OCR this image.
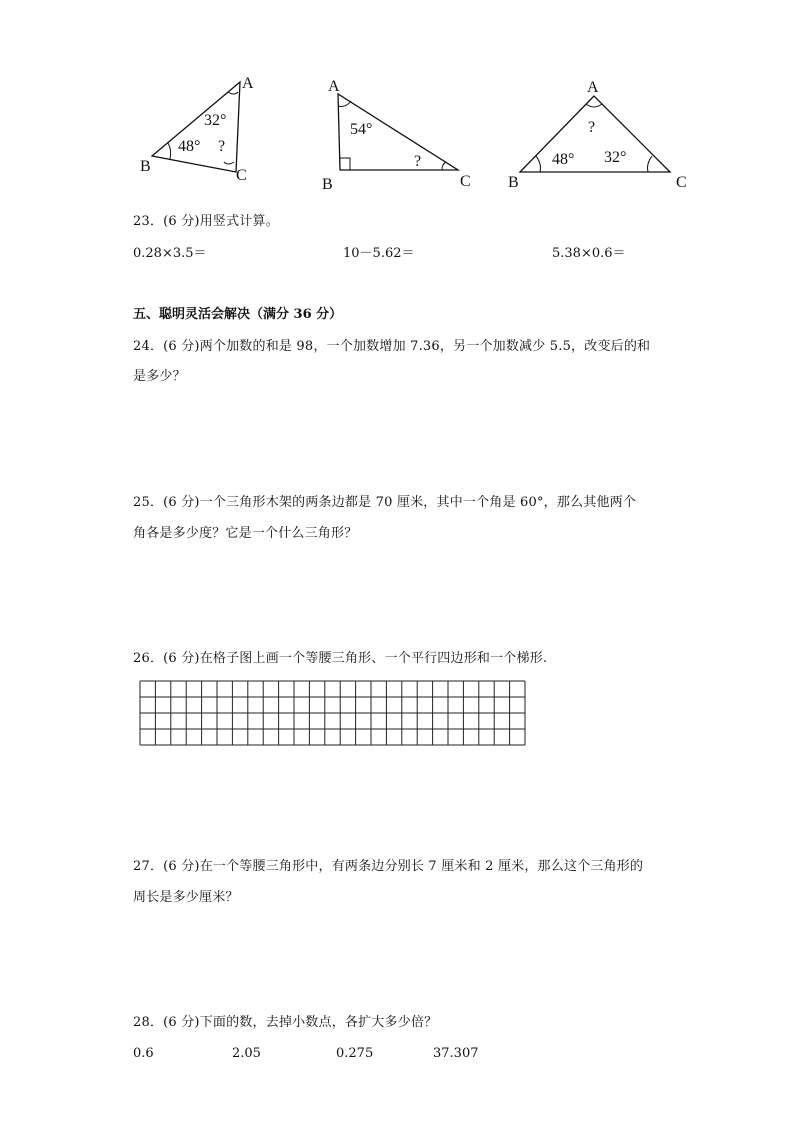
A
B
C
32°
48° ?
A
B	C
54°
?
A
B	C
?
48° 32°
23．(6 分)用竖式计算。
0.28×3.5＝	10－5.62＝	5.38×0.6＝
五、聪明灵活会解决（满分 36 分）
24．(6 分)两个加数的和是 98，一个加数增加 7.36，另一个加数减少 5.5，改变后的和
是多少？
25．(6 分)一个三角形木架的两条边都是 70 厘米，其中一个角是 60°，那么其他两个
角各是多少度？它是一个什么三角形？
26．(6 分)在格子图上画一个等腰三角形、一个平行四边形和一个梯形.
27．(6 分)在一个等腰三角形中，有两条边分别长 7 厘米和 2 厘米，那么这个三角形的
周长是多少厘米？
28．(6 分)下面的数，去掉小数点，各扩大多少倍？
0.6	2.05	0.275	37.307
